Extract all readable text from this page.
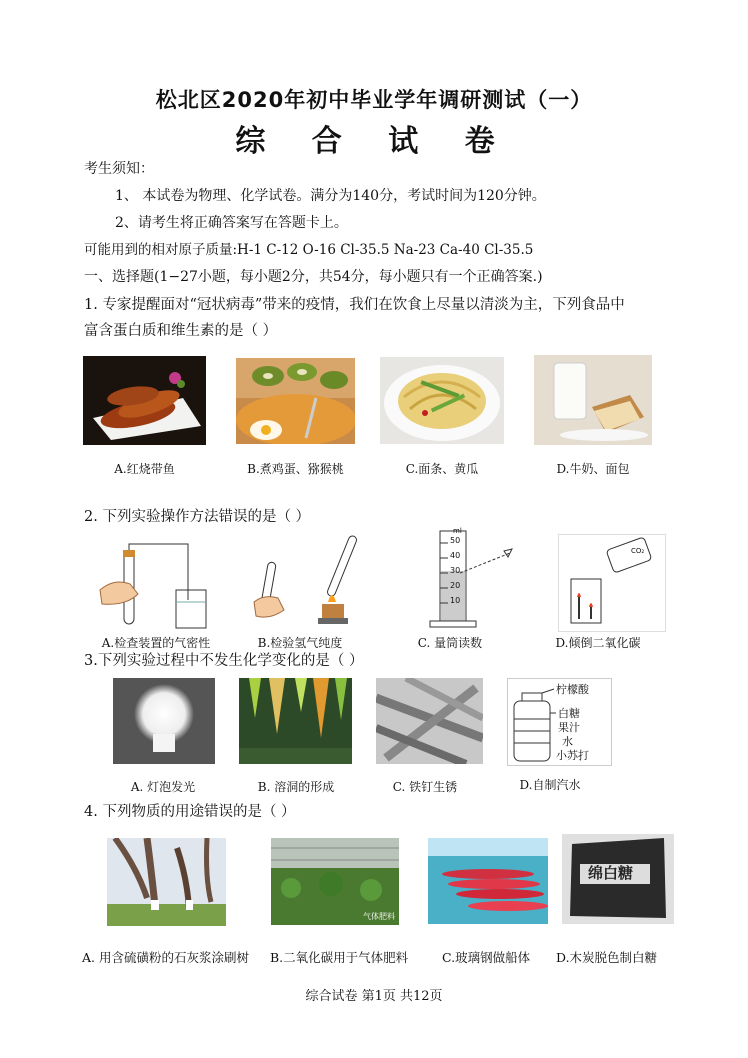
松北区2020年初中毕业学年调研测试（一）
综 合 试 卷
考生须知：
1、 本试卷为物理、化学试卷。满分为140分，考试时间为120分钟。
2、请考生将正确答案写在答题卡上。
可能用到的相对原子质量:H-1 C-12 O-16 Cl-35.5 Na-23 Ca-40 Cl-35.5
一、选择题(1−27小题，每小题2分，共54分，每小题只有一个正确答案.)
1. 专家提醒面对“冠状病毒”带来的疫情，我们在饮食上尽量以清淡为主，下列食品中
富含蛋白质和维生素的是（ ）
A.红烧带鱼	B.煮鸡蛋、猕猴桃	C.面条、黄瓜	D.牛奶、面包
2. 下列实验操作方法错误的是（ ）
ml
50
40
30
20
10
CO₂
A.检查装置的气密性	B.检验氢气纯度	C. 量筒读数	D.倾倒二氧化碳
3.下列实验过程中不发生化学变化的是（ ）
柠檬酸
白糖
果汁
水
小苏打
A. 灯泡发光	B. 溶洞的形成	C. 铁钉生锈	D.自制汽水
4. 下列物质的用途错误的是（ ）
气体肥料
绵白糖
A. 用含硫磺粉的石灰浆涂刷树 B.二氧化碳用于气体肥料	C.玻璃钢做船体 D.木炭脱色制白糖
综合试卷 第1页 共12页
